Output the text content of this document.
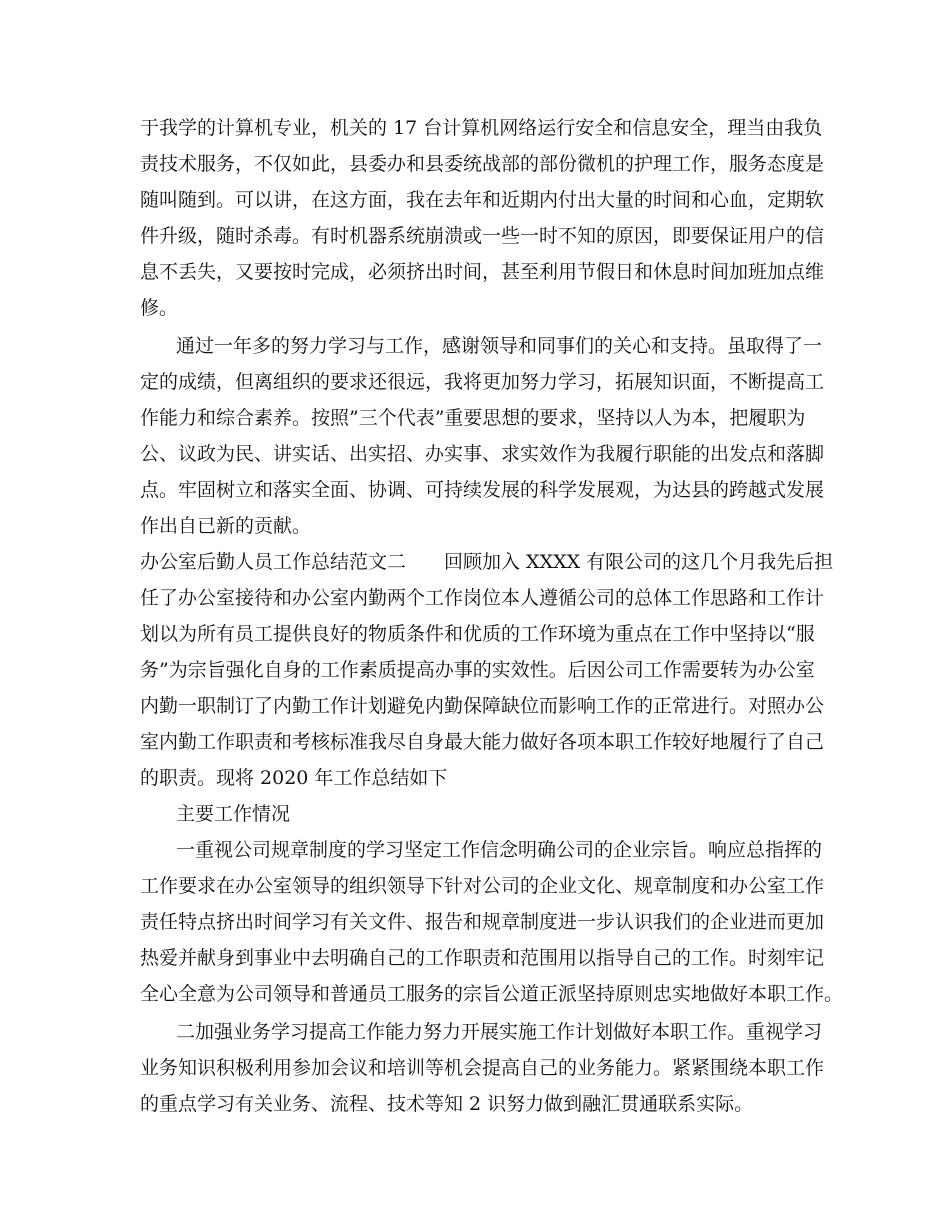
于我学的计算机专业，机关的 17 台计算机网络运行安全和信息安全，理当由我负
责技术服务，不仅如此，县委办和县委统战部的部份微机的护理工作，服务态度是
随叫随到。可以讲，在这方面，我在去年和近期内付出大量的时间和心血，定期软
件升级，随时杀毒。有时机器系统崩溃或一些一时不知的原因，即要保证用户的信
息不丢失，又要按时完成，必须挤出时间，甚至利用节假日和休息时间加班加点维
修。
通过一年多的努力学习与工作，感谢领导和同事们的关心和支持。虽取得了一
定的成绩，但离组织的要求还很远，我将更加努力学习，拓展知识面，不断提高工
作能力和综合素养。按照”三个代表”重要思想的要求，坚持以人为本，把履职为
公、议政为民、讲实话、出实招、办实事、求实效作为我履行职能的出发点和落脚
点。牢固树立和落实全面、协调、可持续发展的科学发展观，为达县的跨越式发展
作出自已新的贡献。
办公室后勤人员工作总结范文二　　回顾加入 XXXX 有限公司的这几个月我先后担
任了办公室接待和办公室内勤两个工作岗位本人遵循公司的总体工作思路和工作计
划以为所有员工提供良好的物质条件和优质的工作环境为重点在工作中坚持以“服
务”为宗旨强化自身的工作素质提高办事的实效性。后因公司工作需要转为办公室
内勤一职制订了内勤工作计划避免内勤保障缺位而影响工作的正常进行。对照办公
室内勤工作职责和考核标准我尽自身最大能力做好各项本职工作较好地履行了自己
的职责。现将 2020 年工作总结如下
主要工作情况
一重视公司规章制度的学习坚定工作信念明确公司的企业宗旨。响应总指挥的
工作要求在办公室领导的组织领导下针对公司的企业文化、规章制度和办公室工作
责任特点挤出时间学习有关文件、报告和规章制度进一步认识我们的企业进而更加
热爱并献身到事业中去明确自己的工作职责和范围用以指导自己的工作。时刻牢记
全心全意为公司领导和普通员工服务的宗旨公道正派坚持原则忠实地做好本职工作。
二加强业务学习提高工作能力努力开展实施工作计划做好本职工作。重视学习
业务知识积极利用参加会议和培训等机会提高自己的业务能力。紧紧围绕本职工作
的重点学习有关业务、流程、技术等知 2 识努力做到融汇贯通联系实际。
